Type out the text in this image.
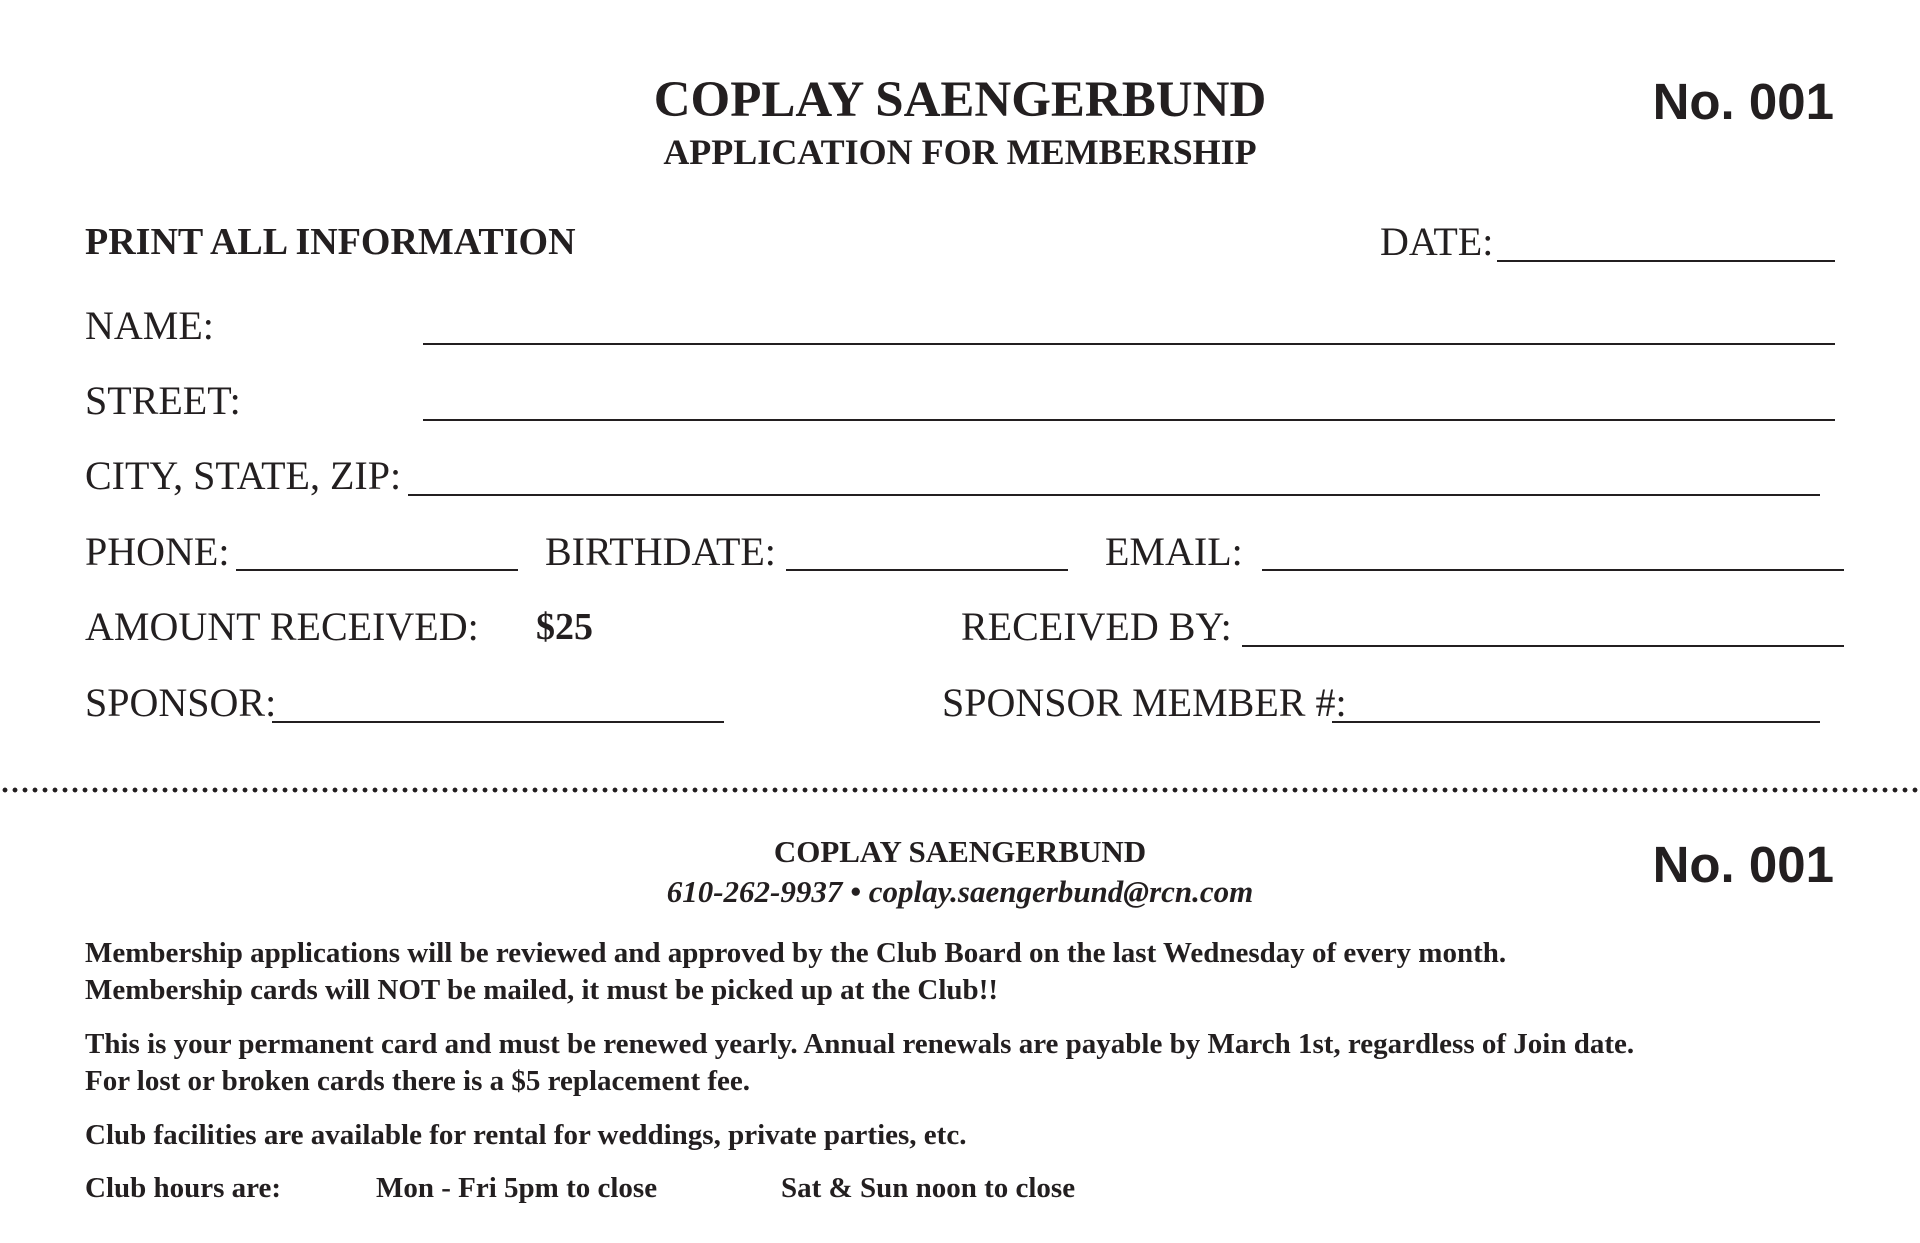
COPLAY SAENGERBUND
APPLICATION FOR MEMBERSHIP
No. 001
PRINT ALL INFORMATION	DATE:
NAME:
STREET:
CITY, STATE, ZIP:
PHONE:	BIRTHDATE:	EMAIL:
AMOUNT RECEIVED: $25	RECEIVED BY:
SPONSOR:	SPONSOR MEMBER #:
COPLAY SAENGERBUND
610-262-9937 • coplay.saengerbund@rcn.com	No. 001
Membership applications will be reviewed and approved by the Club Board on the last Wednesday of every month.
Membership cards will NOT be mailed, it must be picked up at the Club!!
This is your permanent card and must be renewed yearly. Annual renewals are payable by March 1st, regardless of Join date.
For lost or broken cards there is a $5 replacement fee.
Club facilities are available for rental for weddings, private parties, etc.
Club hours are:	Mon - Fri 5pm to close	Sat & Sun noon to close
